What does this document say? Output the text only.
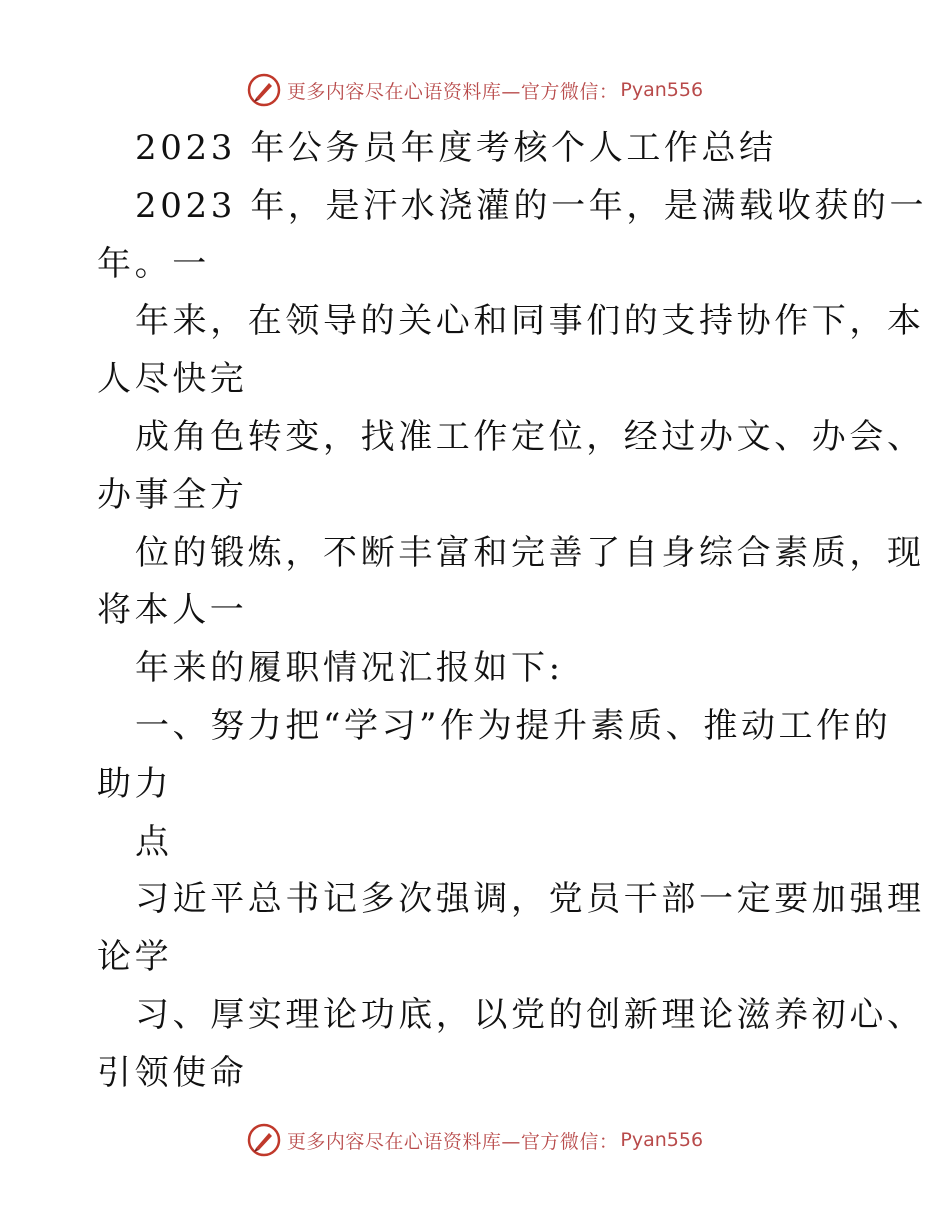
更多内容尽在心语资料库—官方微信： Pyan556
2023 年公务员年度考核个人工作总结
2023 年，是汗水浇灌的一年，是满载收获的一
年。一
年来，在领导的关心和同事们的支持协作下，本
人尽快完
成角色转变，找准工作定位，经过办文、办会、
办事全方
位的锻炼，不断丰富和完善了自身综合素质，现
将本人一
年来的履职情况汇报如下:
一、努力把“学习”作为提升素质、推动工作的
助力
点
习近平总书记多次强调，党员干部一定要加强理
论学
习、厚实理论功底，以党的创新理论滋养初心、
引领使命
更多内容尽在心语资料库—官方微信： Pyan556
